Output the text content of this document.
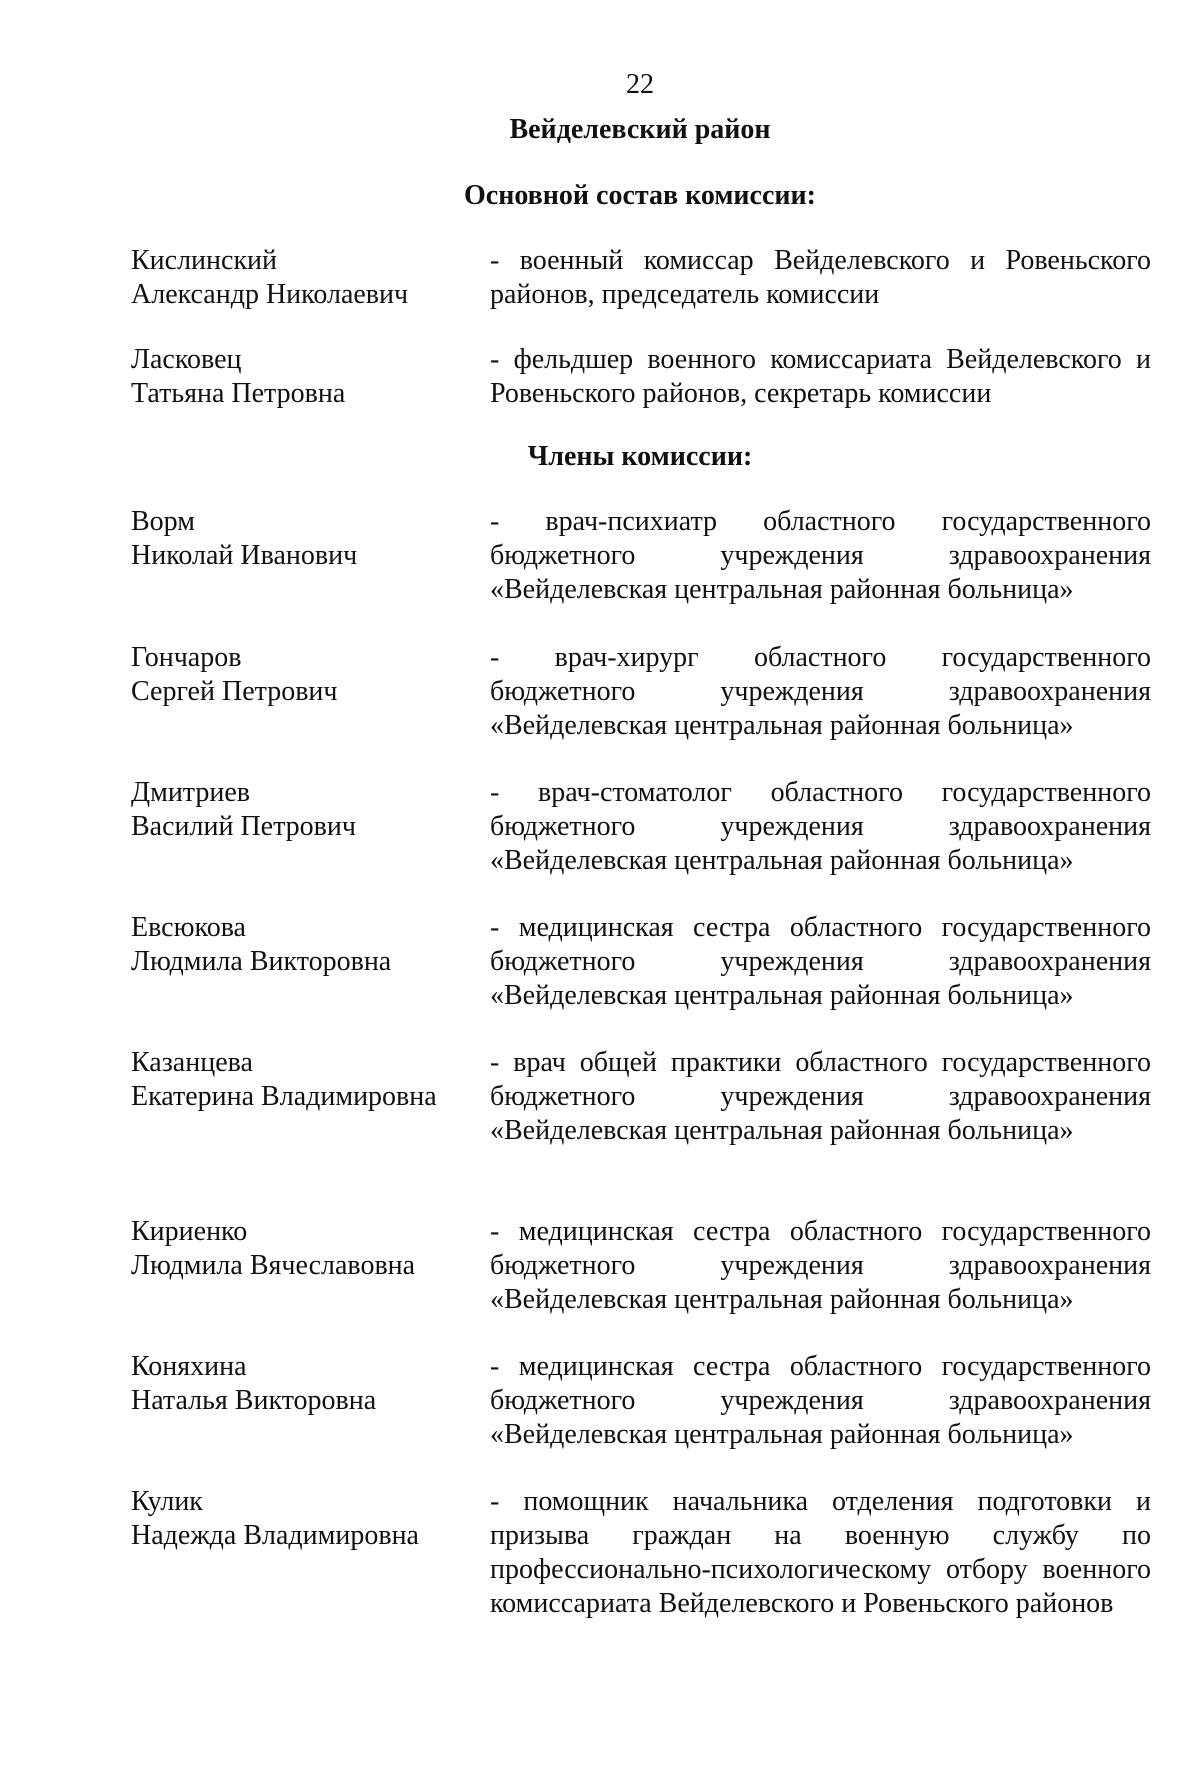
22
Вейделевский район
Основной состав комиссии:
Кислинский
Александр Николаевич
- военный комиссар Вейделевского и Ровеньского районов, председатель комиссии
Ласковец
Татьяна Петровна
- фельдшер военного комиссариата Вейделевского и Ровеньского районов, секретарь комиссии
Члены комиссии:
Ворм
Николай Иванович
- врач-психиатр областного государственного бюджетного учреждения здравоохранения «Вейделевская центральная районная больница»
Гончаров
Сергей Петрович
- врач-хирург областного государственного бюджетного учреждения здравоохранения «Вейделевская центральная районная больница»
Дмитриев
Василий Петрович
- врач-стоматолог областного государственного бюджетного учреждения здравоохранения «Вейделевская центральная районная больница»
Евсюкова
Людмила Викторовна
- медицинская сестра областного государственного бюджетного учреждения здравоохранения «Вейделевская центральная районная больница»
Казанцева
Екатерина Владимировна
- врач общей практики областного государственного бюджетного учреждения здравоохранения «Вейделевская центральная районная больница»
Кириенко
Людмила Вячеславовна
- медицинская сестра областного государственного бюджетного учреждения здравоохранения «Вейделевская центральная районная больница»
Коняхина
Наталья Викторовна
- медицинская сестра областного государственного бюджетного учреждения здравоохранения «Вейделевская центральная районная больница»
Кулик
Надежда Владимировна
- помощник начальника отделения подготовки и призыва граждан на военную службу по профессионально-психологическому отбору военного комиссариата Вейделевского и Ровеньского районов
